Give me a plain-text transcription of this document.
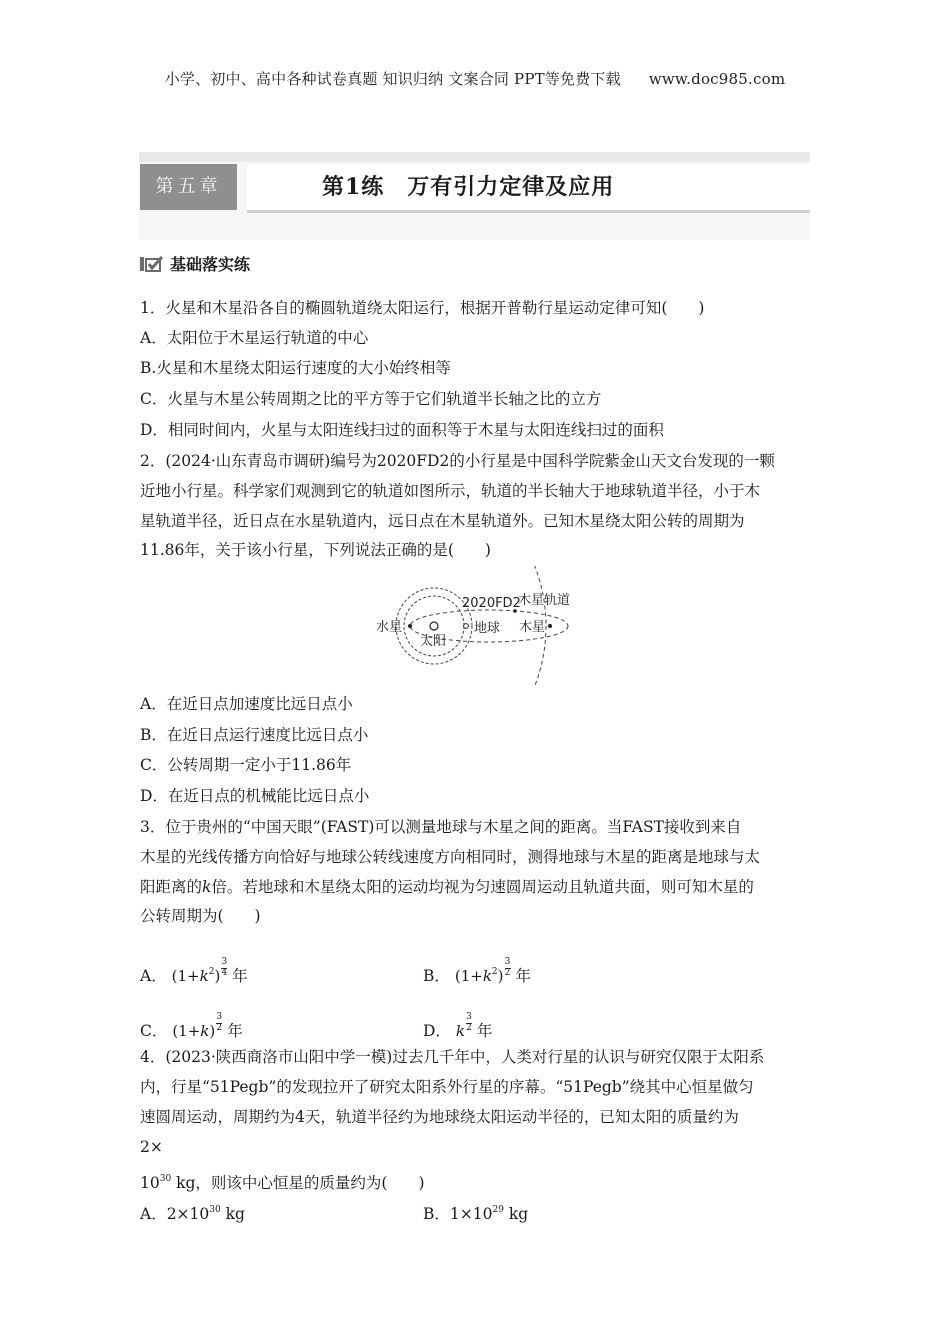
小学、初中、高中各种试卷真题 知识归纳 文案合同 PPT等免费下载 www.doc985.com
第五章	第1练　万有引力定律及应用
基础落实练
1．火星和木星沿各自的椭圆轨道绕太阳运行，根据开普勒行星运动定律可知(　　)
A．太阳位于木星运行轨道的中心
B.火星和木星绕太阳运行速度的大小始终相等
C．火星与木星公转周期之比的平方等于它们轨道半长轴之比的立方
D．相同时间内，火星与太阳连线扫过的面积等于木星与太阳连线扫过的面积
2．(2024·山东青岛市调研)编号为2020FD2的小行星是中国科学院紫金山天文台发现的一颗
近地小行星。科学家们观测到它的轨道如图所示，轨道的半长轴大于地球轨道半径，小于木
星轨道半径，近日点在水星轨道内，远日点在木星轨道外。已知木星绕太阳公转的周期为
11.86年，关于该小行星，下列说法正确的是(　　)
水星
太阳
地球 木星
2020FD2
木星轨道
A．在近日点加速度比远日点小
B．在近日点运行速度比远日点小
C．公转周期一定小于11.86年
D．在近日点的机械能比远日点小
3．位于贵州的“中国天眼”(FAST)可以测量地球与木星之间的距离。当FAST接收到来自
木星的光线传播方向恰好与地球公转线速度方向相同时，测得地球与木星的距离是地球与太
阳距离的k倍。若地球和木星绕太阳的运动均视为匀速圆周运动且轨道共面，则可知木星的
公转周期为(　　)
A． $(1+k^2) \frac{3}{4}$ 年	B． $(1+k^2) \frac{3}{2}$ 年
C． $(1+k) \frac{3}{2}$ 年	D． k $\frac{3}{2}$ 年
4．(2023·陕西商洛市山阳中学一模)过去几千年中，人类对行星的认识与研究仅限于太阳系
内，行星“51Pegb”的发现拉开了研究太阳系外行星的序幕。“51Pegb”绕其中心恒星做匀
速圆周运动，周期约为4天，轨道半径约为地球绕太阳运动半径的，已知太阳的质量约为
2×
$10^{30}$ kg，则该中心恒星的质量约为(　　)
A．$2\times 10^{30}$ kg	B．$1\times 10^{29}$ kg
